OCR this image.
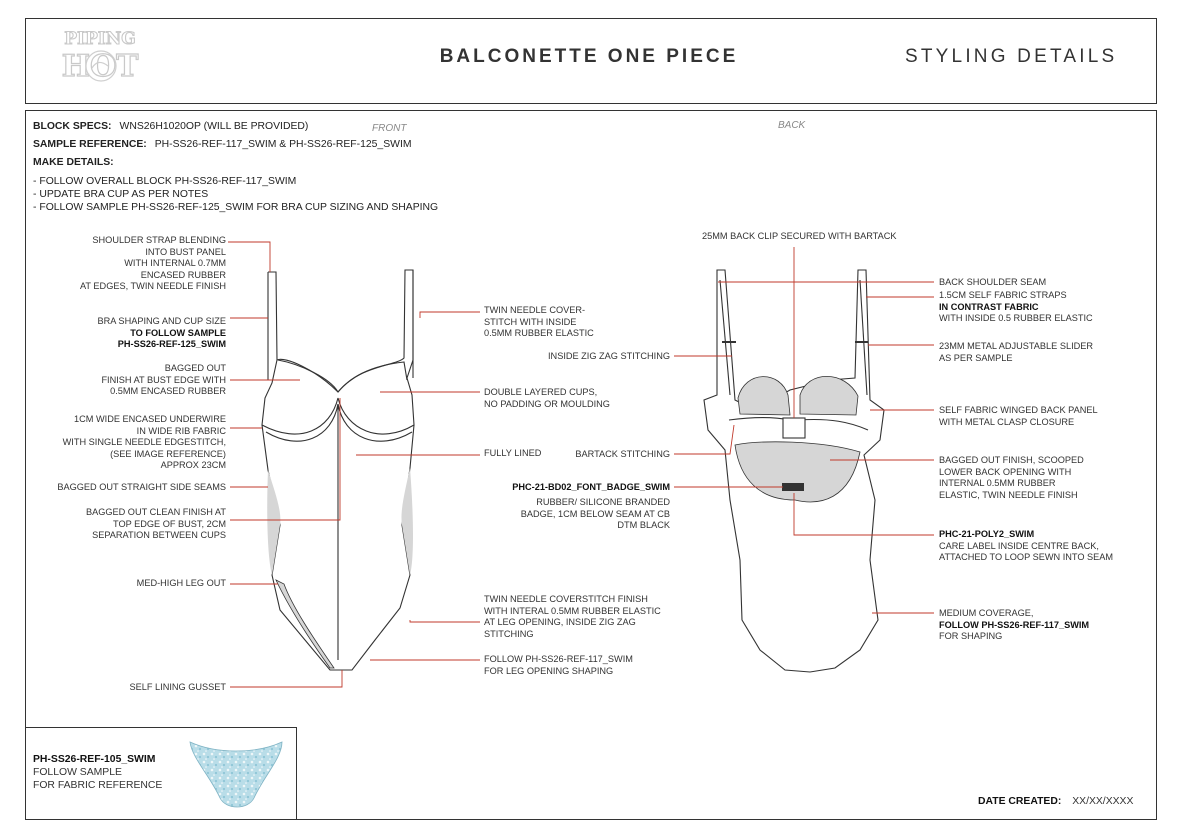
PIPING
HOT	BALCONETTE ONE PIECE	STYLING DETAILS
BLOCK SPECS: WNS26H1020OP (WILL BE PROVIDED)
SAMPLE REFERENCE: PH-SS26-REF-117_SWIM & PH-SS26-REF-125_SWIM
MAKE DETAILS:
- FOLLOW OVERALL BLOCK PH-SS26-REF-117_SWIM
- UPDATE BRA CUP AS PER NOTES
- FOLLOW SAMPLE PH-SS26-REF-125_SWIM FOR BRA CUP SIZING AND SHAPING
FRONT	BACK
SHOULDER STRAP BLENDING
INTO BUST PANEL
WITH INTERNAL 0.7MM
ENCASED RUBBER
AT EDGES, TWIN NEEDLE FINISH
BRA SHAPING AND CUP SIZE
TO FOLLOW SAMPLE
PH-SS26-REF-125_SWIM
BAGGED OUT
FINISH AT BUST EDGE WITH
0.5MM ENCASED RUBBER
1CM WIDE ENCASED UNDERWIRE
IN WIDE RIB FABRIC
WITH SINGLE NEEDLE EDGESTITCH,
(SEE IMAGE REFERENCE)
APPROX 23CM
BAGGED OUT STRAIGHT SIDE SEAMS
BAGGED OUT CLEAN FINISH AT
TOP EDGE OF BUST, 2CM
SEPARATION BETWEEN CUPS
MED-HIGH LEG OUT
SELF LINING GUSSET
TWIN NEEDLE COVER-
STITCH WITH INSIDE
0.5MM RUBBER ELASTIC
DOUBLE LAYERED CUPS,
NO PADDING OR MOULDING
FULLY LINED
TWIN NEEDLE COVERSTITCH FINISH
WITH INTERAL 0.5MM RUBBER ELASTIC
AT LEG OPENING, INSIDE ZIG ZAG
STITCHING
FOLLOW PH-SS26-REF-117_SWIM
FOR LEG OPENING SHAPING
INSIDE ZIG ZAG STITCHING
BARTACK STITCHING
PHC-21-BD02_FONT_BADGE_SWIM
RUBBER/ SILICONE BRANDED
BADGE, 1CM BELOW SEAM AT CB
DTM BLACK
25MM BACK CLIP SECURED WITH BARTACK
BACK SHOULDER SEAM
1.5CM SELF FABRIC STRAPS
IN CONTRAST FABRIC
WITH INSIDE 0.5 RUBBER ELASTIC
23MM METAL ADJUSTABLE SLIDER
AS PER SAMPLE
SELF FABRIC WINGED BACK PANEL
WITH METAL CLASP CLOSURE
BAGGED OUT FINISH, SCOOPED
LOWER BACK OPENING WITH
INTERNAL 0.5MM RUBBER
ELASTIC, TWIN NEEDLE FINISH
PHC-21-POLY2_SWIM
CARE LABEL INSIDE CENTRE BACK,
ATTACHED TO LOOP SEWN INTO SEAM
MEDIUM COVERAGE,
FOLLOW PH-SS26-REF-117_SWIM
FOR SHAPING
PH-SS26-REF-105_SWIM
FOLLOW SAMPLE
FOR FABRIC REFERENCE
DATE CREATED: XX/XX/XXXX
